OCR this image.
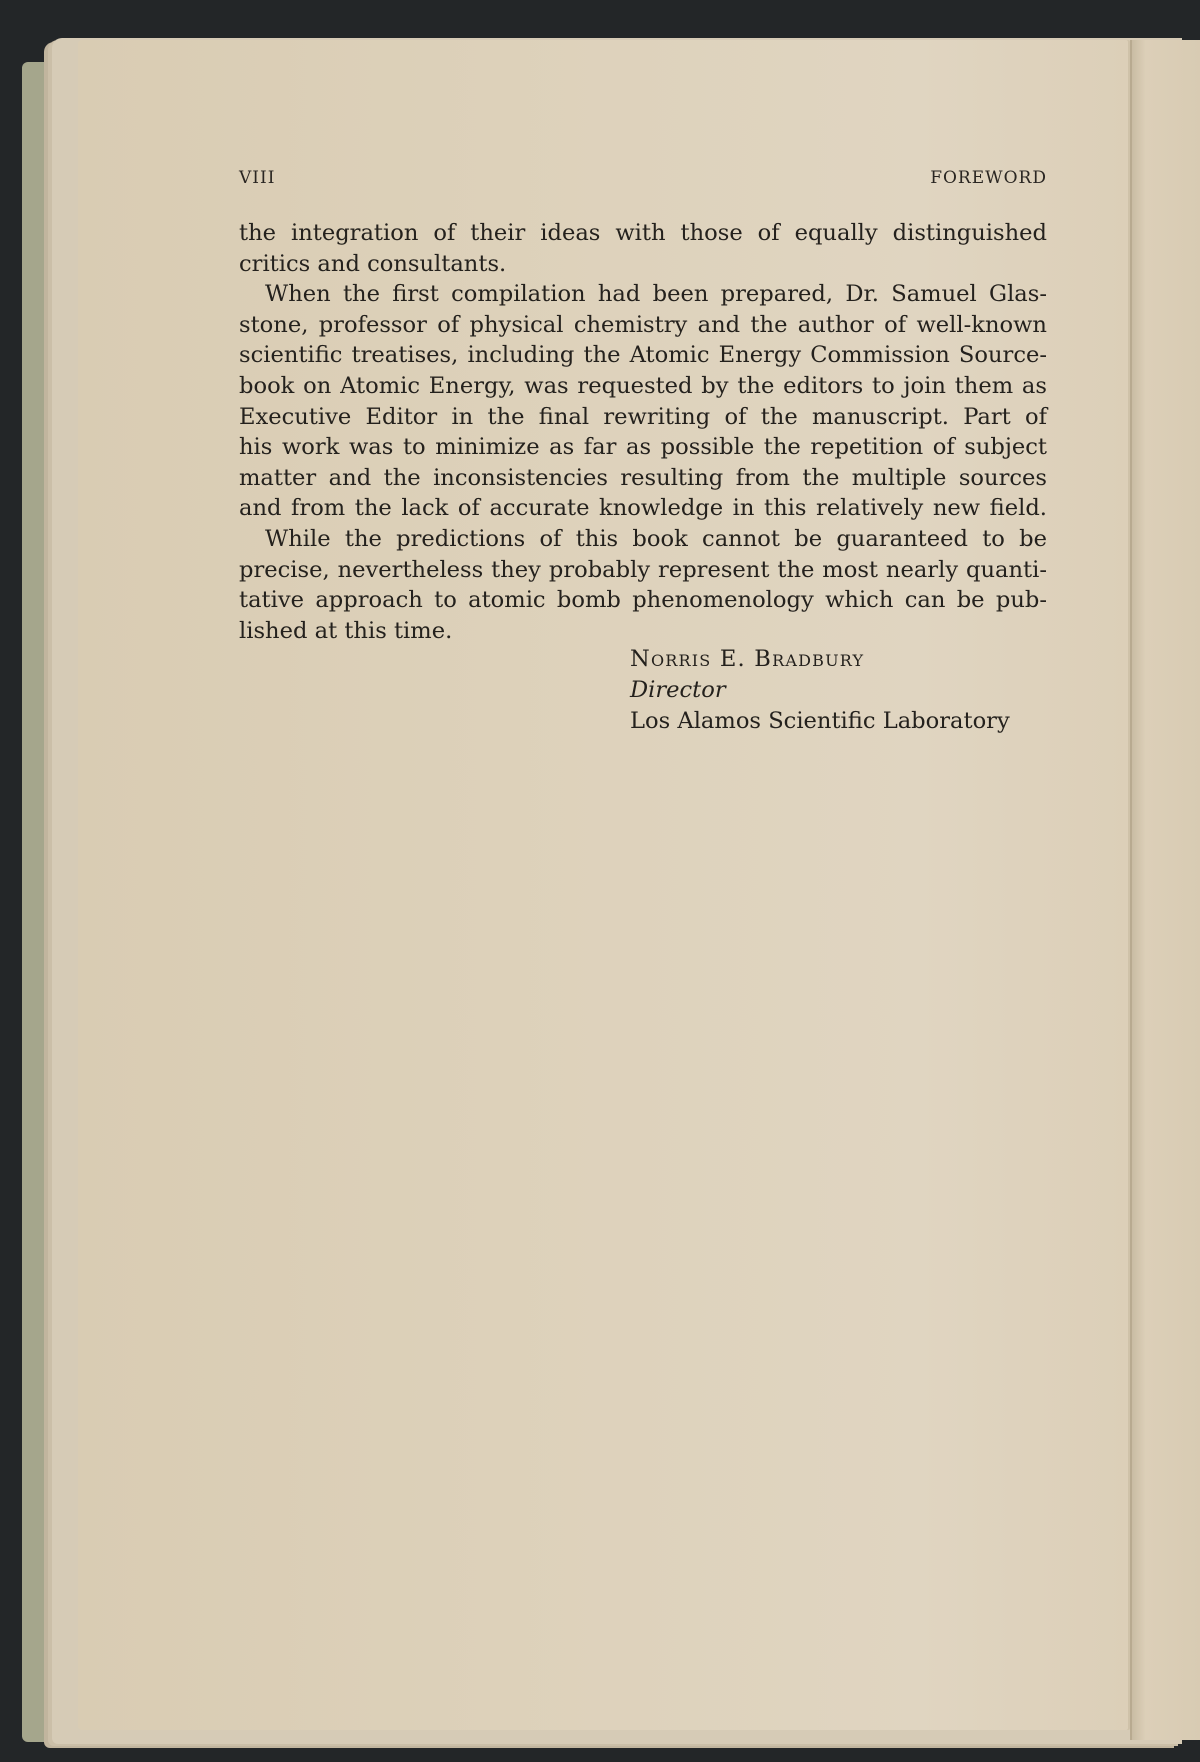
VIII	FOREWORD
the integration of their ideas with those of equally distinguished
critics and consultants.
When the first compilation had been prepared, Dr. Samuel Glas-
stone, professor of physical chemistry and the author of well-known
scientific treatises, including the Atomic Energy Commission Source-
book on Atomic Energy, was requested by the editors to join them as
Executive Editor in the final rewriting of the manuscript. Part of
his work was to minimize as far as possible the repetition of subject
matter and the inconsistencies resulting from the multiple sources
and from the lack of accurate knowledge in this relatively new field.
While the predictions of this book cannot be guaranteed to be
precise, nevertheless they probably represent the most nearly quanti-
tative approach to atomic bomb phenomenology which can be pub-
lished at this time.
Norris E. Bradbury
Director
Los Alamos Scientific Laboratory
